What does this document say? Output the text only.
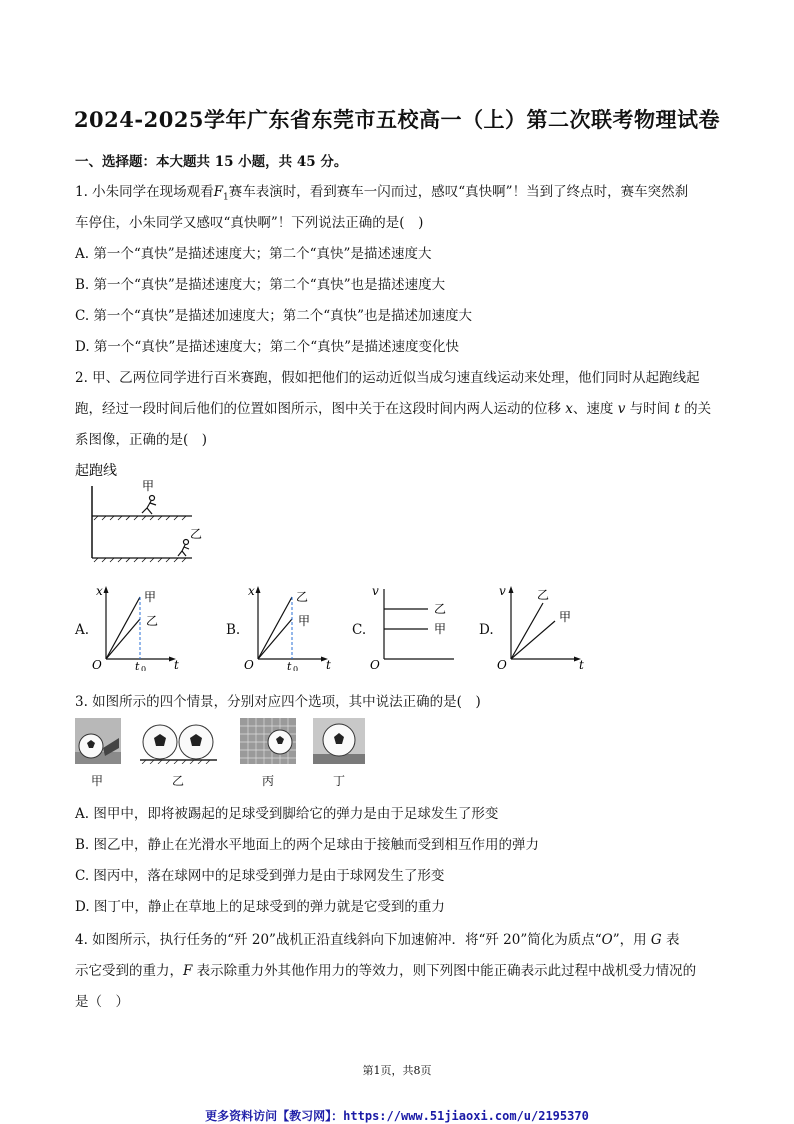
2024-2025学年广东省东莞市五校高一（上）第二次联考物理试卷
一、选择题：本大题共 15 小题，共 45 分。
1. 小朱同学在现场观看$F_1$赛车表演时，看到赛车一闪而过，感叹“真快啊”！当到了终点时，赛车突然刹
车停住，小朱同学又感叹“真快啊”！下列说法正确的是(　)
A. 第一个“真快”是描述速度大；第二个“真快”是描述速度大
B. 第一个“真快”是描述速度大；第二个“真快”也是描述速度大
C. 第一个“真快”是描述加速度大；第二个“真快”也是描述加速度大
D. 第一个“真快”是描述速度大；第二个“真快”是描述速度变化快
2. 甲、乙两位同学进行百米赛跑，假如把他们的运动近似当成匀速直线运动来处理，他们同时从起跑线起
跑，经过一段时间后他们的位置如图所示，图中关于在这段时间内两人运动的位移 x、速度 v 与时间 t 的关
系图像，正确的是(　)
起跑线
甲
乙
A.
x
O	t
t 0
甲
乙
B.
x
O	t
t 0
乙
甲
C.
v
O
乙
甲 D.
v
O	t
乙
甲
3. 如图所示的四个情景，分别对应四个选项，其中说法正确的是(　)
甲	乙	丙	丁
A. 图甲中，即将被踢起的足球受到脚给它的弹力是由于足球发生了形变
B. 图乙中，静止在光滑水平地面上的两个足球由于接触而受到相互作用的弹力
C. 图丙中，落在球网中的足球受到弹力是由于球网发生了形变
D. 图丁中，静止在草地上的足球受到的弹力就是它受到的重力
4. 如图所示，执行任务的“歼 20”战机正沿直线斜向下加速俯冲．将“歼 20”简化为质点“O”，用 G 表
示它受到的重力，F 表示除重力外其他作用力的等效力，则下列图中能正确表示此过程中战机受力情况的
是（　）
第1页，共8页
更多资料访问【教习网】：https://www.51jiaoxi.com/u/2195370
